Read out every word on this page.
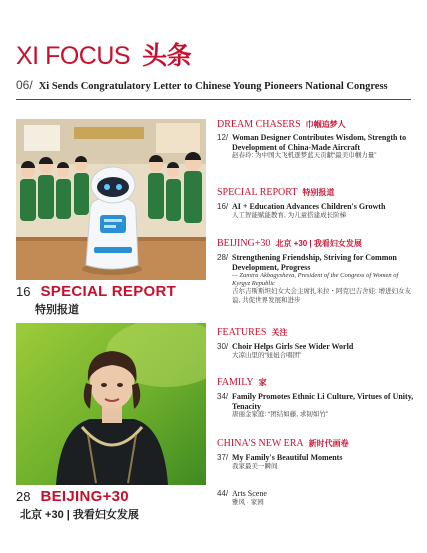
XI FOCUS 头条
06/ Xi Sends Congratulatory Letter to Chinese Young Pioneers National Congress
16 SPECIAL REPORT
特别报道
28 BEIJING+30
北京 +30 | 我看妇女发展
DREAM CHASERS 巾帼追梦人
12/ Woman Designer Contributes Wisdom, Strength to Development of China-Made Aircraft
赵春玲: 为中国大飞机逐梦蓝天贡献“最美巾帼力量”
SPECIAL REPORT 特别报道
16/ AI + Education Advances Children's Growth
人工智能赋能教育, 为儿童搭建成长阶梯
BEIJING+30 北京 +30 | 我看妇女发展
28/ Strengthening Friendship, Striving for Common Development, Progress
— Zamira Akbagysheva, President of the Congress of Women of Kyrgyz Republic
吉尔吉斯斯坦妇女大会主席扎米拉・阿克巴吉舍娃: 增进妇女友谊, 共促世界发展和进步
FEATURES 关注
30/ Choir Helps Girls See Wider World
大凉山里的“妞妞合唱团”
FAMILY 家
34/ Family Promotes Ethnic Li Culture, Virtues of Unity, Tenacity
唐丽金家庭: “团结如藤, 求韧如竹”
CHINA'S NEW ERA 新时代画卷
37/ My Family's Beautiful Moments
我家最美一瞬间
44/ Arts Scene
雅风 · 家园
